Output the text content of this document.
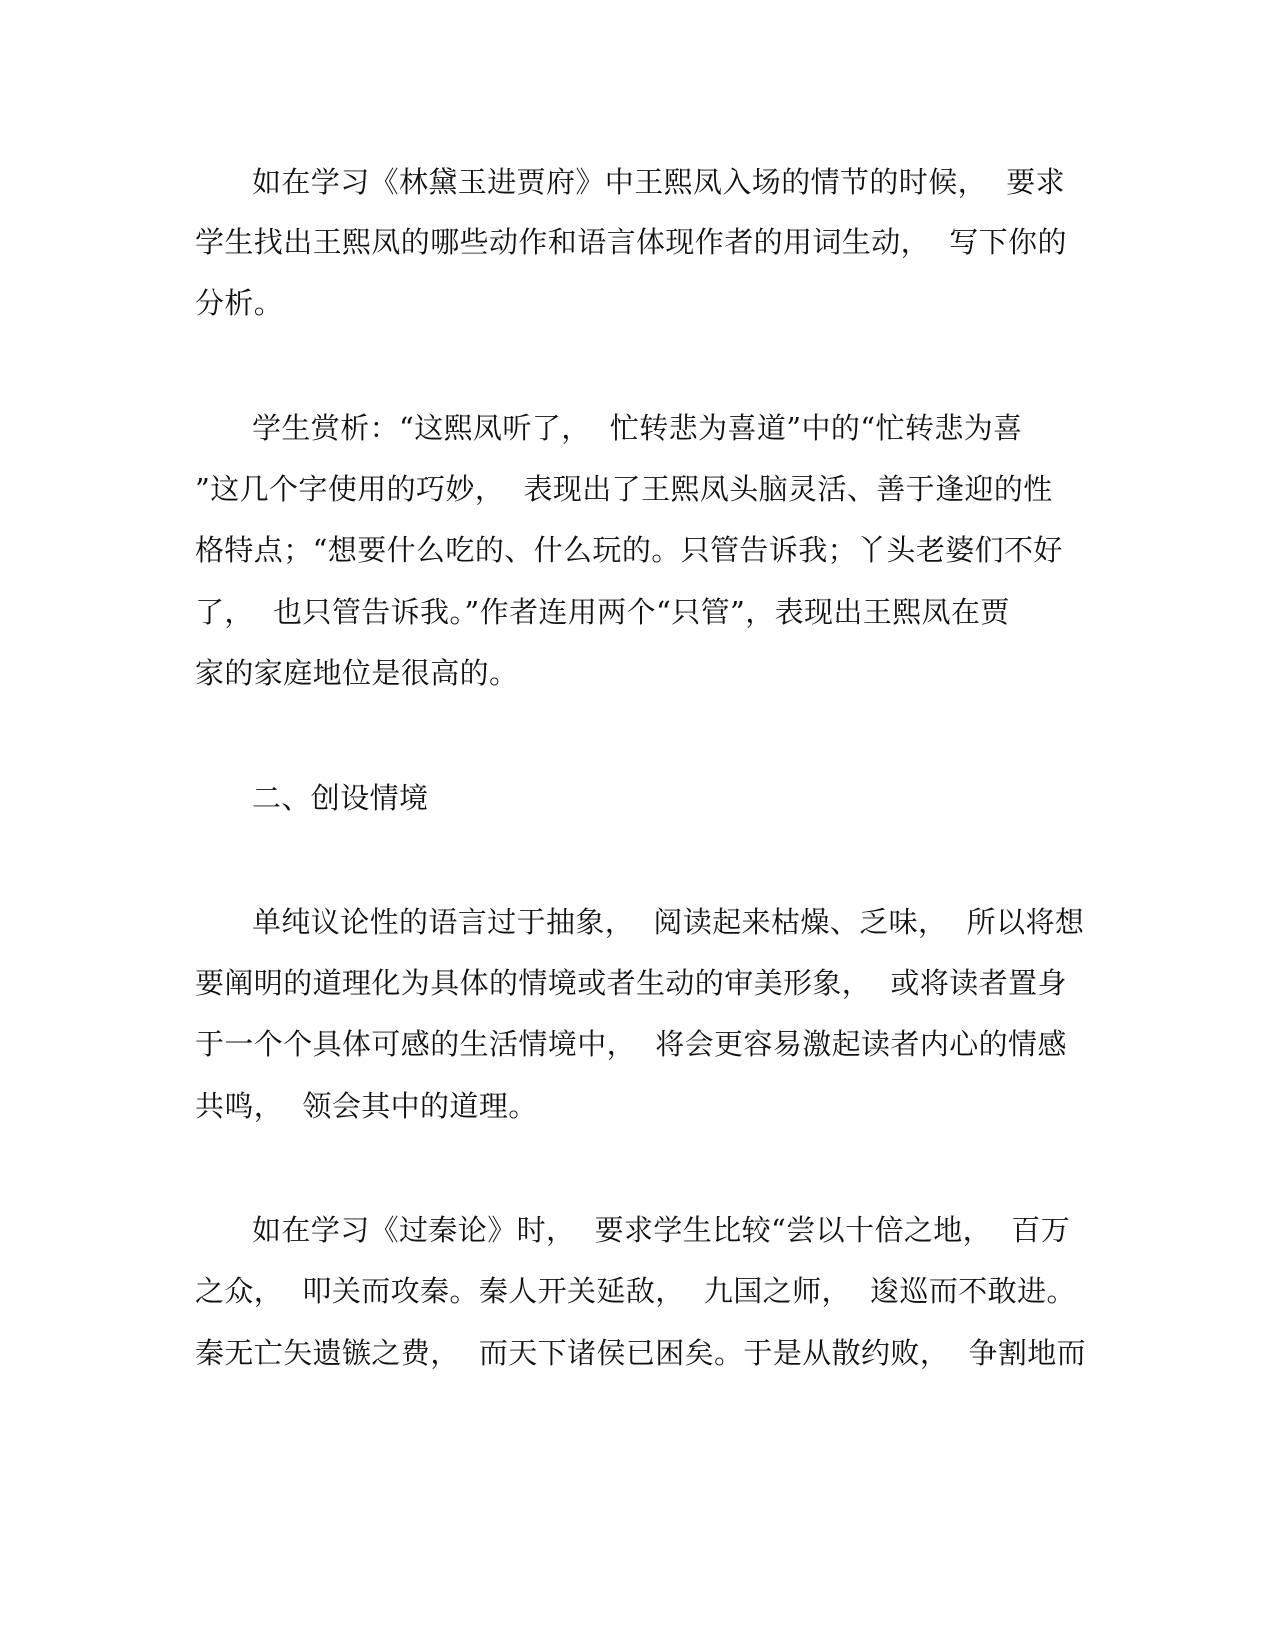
如在学习《林黛玉进贾府》中王熙凤入场的情节的时候，  要求
学生找出王熙凤的哪些动作和语言体现作者的用词生动，  写下你的
分析。
学生赏析：“这熙凤听了，  忙转悲为喜道”中的“忙转悲为喜
”这几个字使用的巧妙，  表现出了王熙凤头脑灵活、善于逢迎的性
格特点；“想要什么吃的、什么玩的。只管告诉我；丫头老婆们不好
了，  也只管告诉我。”作者连用两个“只管”，表现出王熙凤在贾
家的家庭地位是很高的。
二、创设情境
单纯议论性的语言过于抽象，  阅读起来枯燥、乏味，  所以将想
要阐明的道理化为具体的情境或者生动的审美形象，  或将读者置身
于一个个具体可感的生活情境中，  将会更容易激起读者内心的情感
共鸣，  领会其中的道理。
如在学习《过秦论》时，  要求学生比较“尝以十倍之地，  百万
之众，  叩关而攻秦。秦人开关延敌，  九国之师，  逡巡而不敢进。
秦无亡矢遗镞之费，  而天下诸侯已困矣。于是从散约败，  争割地而
